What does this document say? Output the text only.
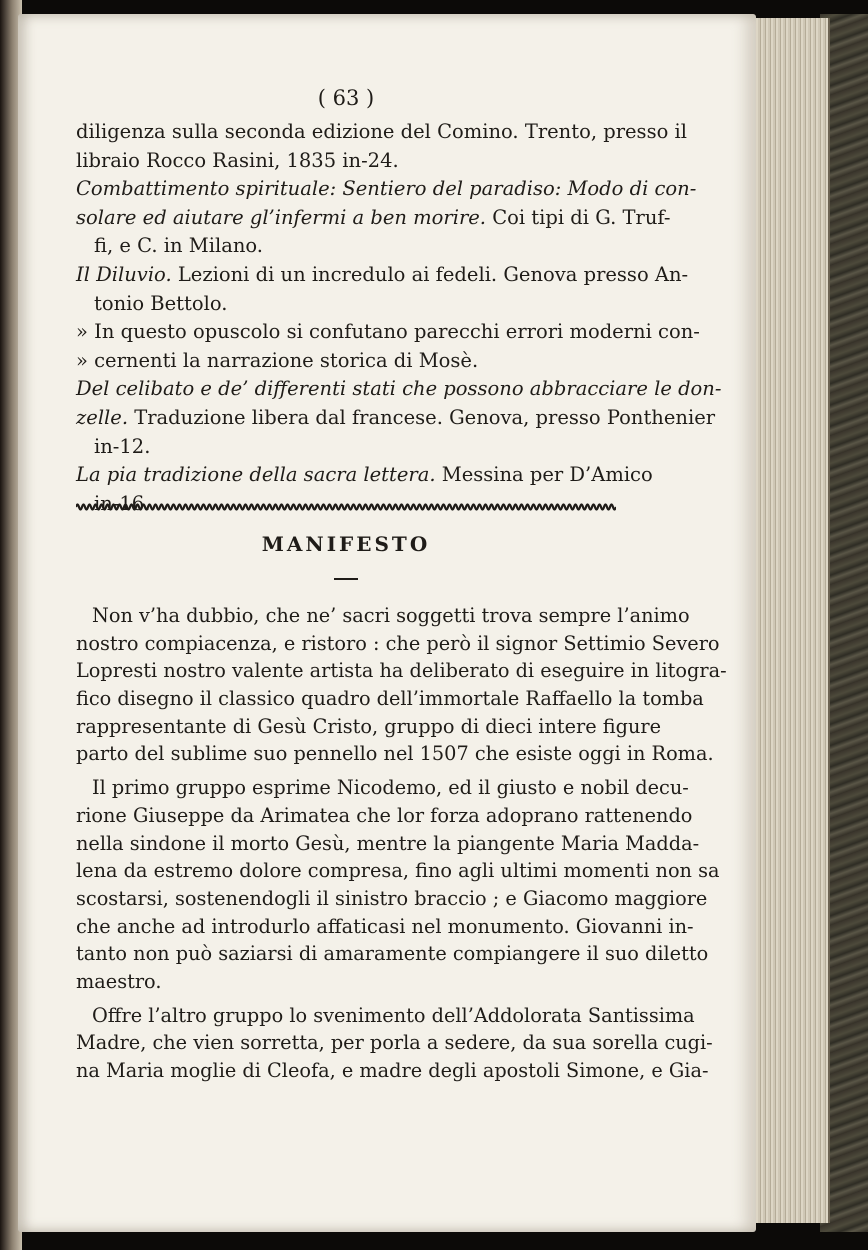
( 63 )
diligenza sulla seconda edizione del Comino. Trento, presso il
libraio Rocco Rasini, 1835 in-24.
Combattimento spirituale: Sentiero del paradiso: Modo di con-
solare ed aiutare gl’infermi a ben morire. Coi tipi di G. Truf-
fi, e C. in Milano.
Il Diluvio. Lezioni di un incredulo ai fedeli. Genova presso An-
tonio Bettolo.
» In questo opuscolo si confutano parecchi errori moderni con-
» cernenti la narrazione storica di Mosè.
Del celibato e de’ differenti stati che possono abbracciare le don-
zelle. Traduzione libera dal francese. Genova, presso Ponthenier
in-12.
La pia tradizione della sacra lettera. Messina per D’Amico
in-16.
MANIFESTO
Non v’ha dubbio, che ne’ sacri soggetti trova sempre l’animo
nostro compiacenza, e ristoro : che però il signor Settimio Severo
Lopresti nostro valente artista ha deliberato di eseguire in litogra-
fico disegno il classico quadro dell’immortale Raffaello la tomba
rappresentante di Gesù Cristo, gruppo di dieci intere figure
parto del sublime suo pennello nel 1507 che esiste oggi in Roma.
Il primo gruppo esprime Nicodemo, ed il giusto e nobil decu-
rione Giuseppe da Arimatea che lor forza adoprano rattenendo
nella sindone il morto Gesù, mentre la piangente Maria Madda-
lena da estremo dolore compresa, fino agli ultimi momenti non sa
scostarsi, sostenendogli il sinistro braccio ; e Giacomo maggiore
che anche ad introdurlo affaticasi nel monumento. Giovanni in-
tanto non può saziarsi di amaramente compiangere il suo diletto
maestro.
Offre l’altro gruppo lo svenimento dell’Addolorata Santissima
Madre, che vien sorretta, per porla a sedere, da sua sorella cugi-
na Maria moglie di Cleofa, e madre degli apostoli Simone, e Gia-
